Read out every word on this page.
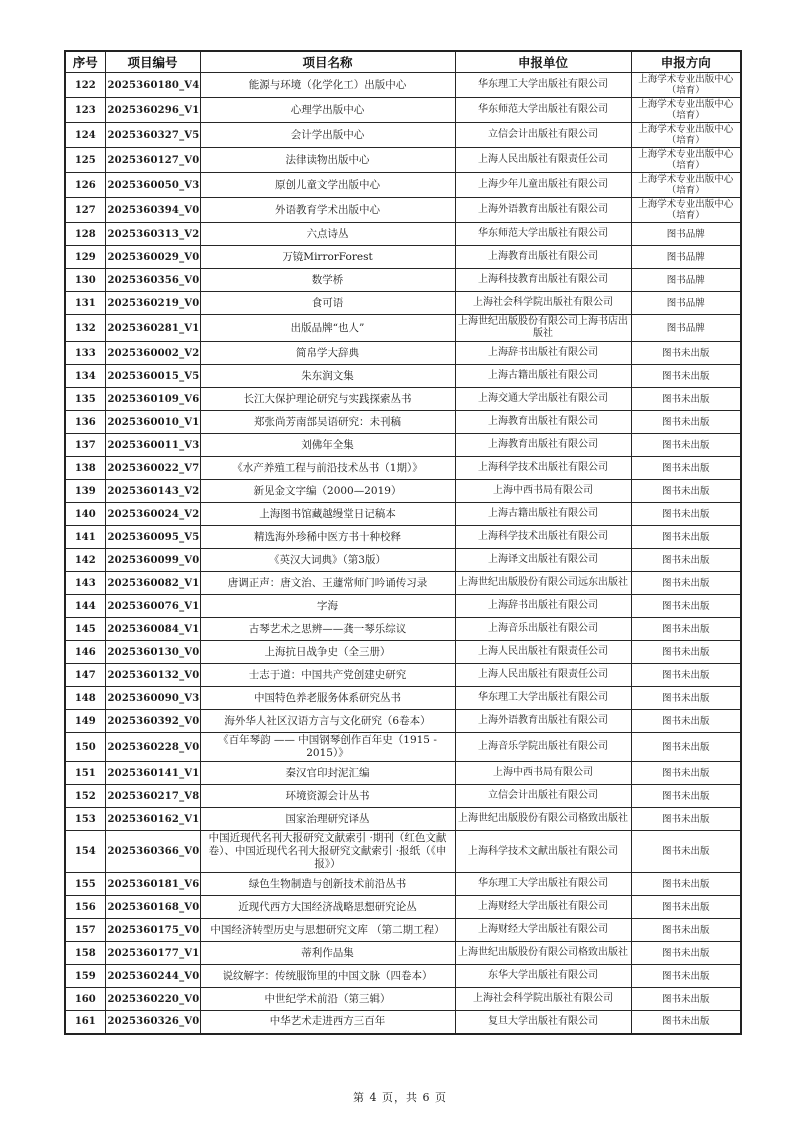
序号	项目编号	项目名称	申报单位	申报方向
122	2025360180_V4	能源与环境（化学化工）出版中心	华东理工大学出版社有限公司	上海学术专业出版中心（培育）
123	2025360296_V1	心理学出版中心	华东师范大学出版社有限公司	上海学术专业出版中心（培育）
124	2025360327_V5	会计学出版中心	立信会计出版社有限公司	上海学术专业出版中心（培育）
125	2025360127_V0	法律读物出版中心	上海人民出版社有限责任公司	上海学术专业出版中心（培育）
126	2025360050_V3	原创儿童文学出版中心	上海少年儿童出版社有限公司	上海学术专业出版中心（培育）
127	2025360394_V0	外语教育学术出版中心	上海外语教育出版社有限公司	上海学术专业出版中心（培育）
128	2025360313_V2	六点诗丛	华东师范大学出版社有限公司	图书品牌
129	2025360029_V0	万镜MirrorForest	上海教育出版社有限公司	图书品牌
130	2025360356_V0	数学桥	上海科技教育出版社有限公司	图书品牌
131	2025360219_V0	食可语	上海社会科学院出版社有限公司	图书品牌
132	2025360281_V1	出版品牌“也人”	上海世纪出版股份有限公司上海书店出版社	图书品牌
133	2025360002_V2	简帛学大辞典	上海辞书出版社有限公司	图书未出版
134	2025360015_V5	朱东润文集	上海古籍出版社有限公司	图书未出版
135	2025360109_V6	长江大保护理论研究与实践探索丛书	上海交通大学出版社有限公司	图书未出版
136	2025360010_V1	郑张尚芳南部吴语研究：未刊稿	上海教育出版社有限公司	图书未出版
137	2025360011_V3	刘佛年全集	上海教育出版社有限公司	图书未出版
138	2025360022_V7	《水产养殖工程与前沿技术丛书（1期）》	上海科学技术出版社有限公司	图书未出版
139	2025360143_V2	新见金文字编（2000—2019）	上海中西书局有限公司	图书未出版
140	2025360024_V2	上海图书馆藏越缦堂日记稿本	上海古籍出版社有限公司	图书未出版
141	2025360095_V5	精选海外珍稀中医方书十种校释	上海科学技术出版社有限公司	图书未出版
142	2025360099_V0	《英汉大词典》（第3版）	上海译文出版社有限公司	图书未出版
143	2025360082_V1	唐调正声：唐文治、王蘧常师门吟诵传习录	上海世纪出版股份有限公司远东出版社	图书未出版
144	2025360076_V1	字海	上海辞书出版社有限公司	图书未出版
145	2025360084_V1	古琴艺术之思辨——龚一琴乐综议	上海音乐出版社有限公司	图书未出版
146	2025360130_V0	上海抗日战争史（全三册）	上海人民出版社有限责任公司	图书未出版
147	2025360132_V0	士志于道：中国共产党创建史研究	上海人民出版社有限责任公司	图书未出版
148	2025360090_V3	中国特色养老服务体系研究丛书	华东理工大学出版社有限公司	图书未出版
149	2025360392_V0	海外华人社区汉语方言与文化研究（6卷本）	上海外语教育出版社有限公司	图书未出版
150	2025360228_V0	《百年琴韵 —— 中国钢琴创作百年史（1915 - 2015）》	上海音乐学院出版社有限公司	图书未出版
151	2025360141_V1	秦汉官印封泥汇编	上海中西书局有限公司	图书未出版
152	2025360217_V8	环境资源会计丛书	立信会计出版社有限公司	图书未出版
153	2025360162_V1	国家治理研究译丛	上海世纪出版股份有限公司格致出版社	图书未出版
154	2025360366_V0	中国近现代名刊大报研究文献索引 ·期刊（红色文献卷）、中国近现代名刊大报研究文献索引 ·报纸（《申报》）	上海科学技术文献出版社有限公司	图书未出版
155	2025360181_V6	绿色生物制造与创新技术前沿丛书	华东理工大学出版社有限公司	图书未出版
156	2025360168_V0	近现代西方大国经济战略思想研究论丛	上海财经大学出版社有限公司	图书未出版
157	2025360175_V0	中国经济转型历史与思想研究文库 （第二期工程）	上海财经大学出版社有限公司	图书未出版
158	2025360177_V1	蒂利作品集	上海世纪出版股份有限公司格致出版社	图书未出版
159	2025360244_V0	说纹解字：传统服饰里的中国文脉（四卷本）	东华大学出版社有限公司	图书未出版
160	2025360220_V0	中世纪学术前沿（第三辑）	上海社会科学院出版社有限公司	图书未出版
161	2025360326_V0	中华艺术走进西方三百年	复旦大学出版社有限公司	图书未出版
第 4 页，共 6 页
